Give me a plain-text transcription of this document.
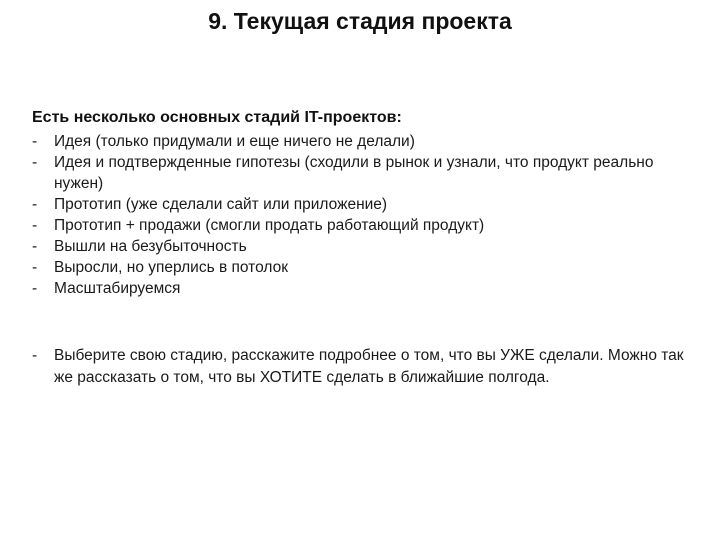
9. Текущая стадия проекта
Есть несколько основных стадий IT-проектов:
-	Идея (только придумали и еще ничего не делали)
-	Идея и подтвержденные гипотезы (сходили в рынок и узнали, что продукт реально нужен)
-	Прототип (уже сделали сайт или приложение)
-	Прототип + продажи (смогли продать работающий продукт)
-	Вышли на безубыточность
-	Выросли, но уперлись в потолок
-	Масштабируемся
-	Выберите свою стадию, расскажите подробнее о том, что вы УЖЕ сделали. Можно так же рассказать о том, что вы ХОТИТЕ сделать в ближайшие полгода.
